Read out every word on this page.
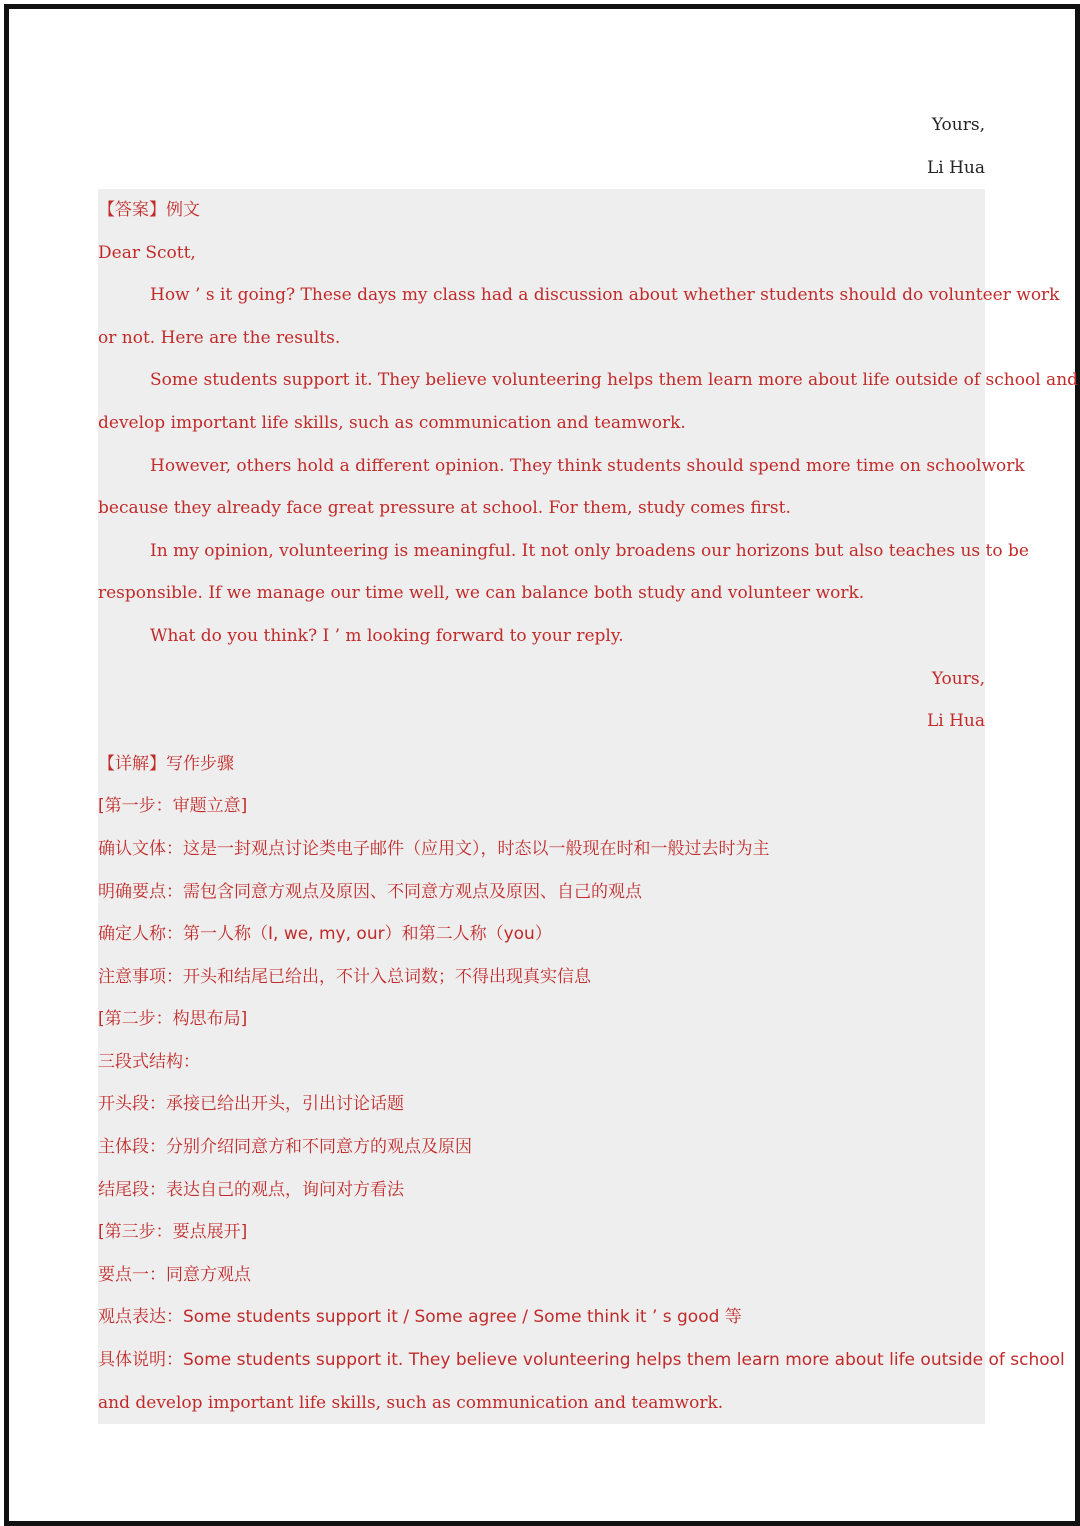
Yours,
Li Hua
【答案】例文
Dear Scott,
How ’ s it going? These days my class had a discussion about whether students should do volunteer work
or not. Here are the results.
Some students support it. They believe volunteering helps them learn more about life outside of school and
develop important life skills, such as communication and teamwork.
However, others hold a different opinion. They think students should spend more time on schoolwork
because they already face great pressure at school. For them, study comes first.
In my opinion, volunteering is meaningful. It not only broadens our horizons but also teaches us to be
responsible. If we manage our time well, we can balance both study and volunteer work.
What do you think? I ’ m looking forward to your reply.
Yours,
Li Hua
【详解】写作步骤
[第一步：审题立意]
确认文体：这是一封观点讨论类电子邮件（应用文），时态以一般现在时和一般过去时为主
明确要点：需包含同意方观点及原因、不同意方观点及原因、自己的观点
确定人称：第一人称（I, we, my, our）和第二人称（you）
注意事项：开头和结尾已给出，不计入总词数；不得出现真实信息
[第二步：构思布局]
三段式结构：
开头段：承接已给出开头，引出讨论话题
主体段：分别介绍同意方和不同意方的观点及原因
结尾段：表达自己的观点，询问对方看法
[第三步：要点展开]
要点一：同意方观点
观点表达：Some students support it / Some agree / Some think it ’ s good 等
具体说明：Some students support it. They believe volunteering helps them learn more about life outside of school
and develop important life skills, such as communication and teamwork.
